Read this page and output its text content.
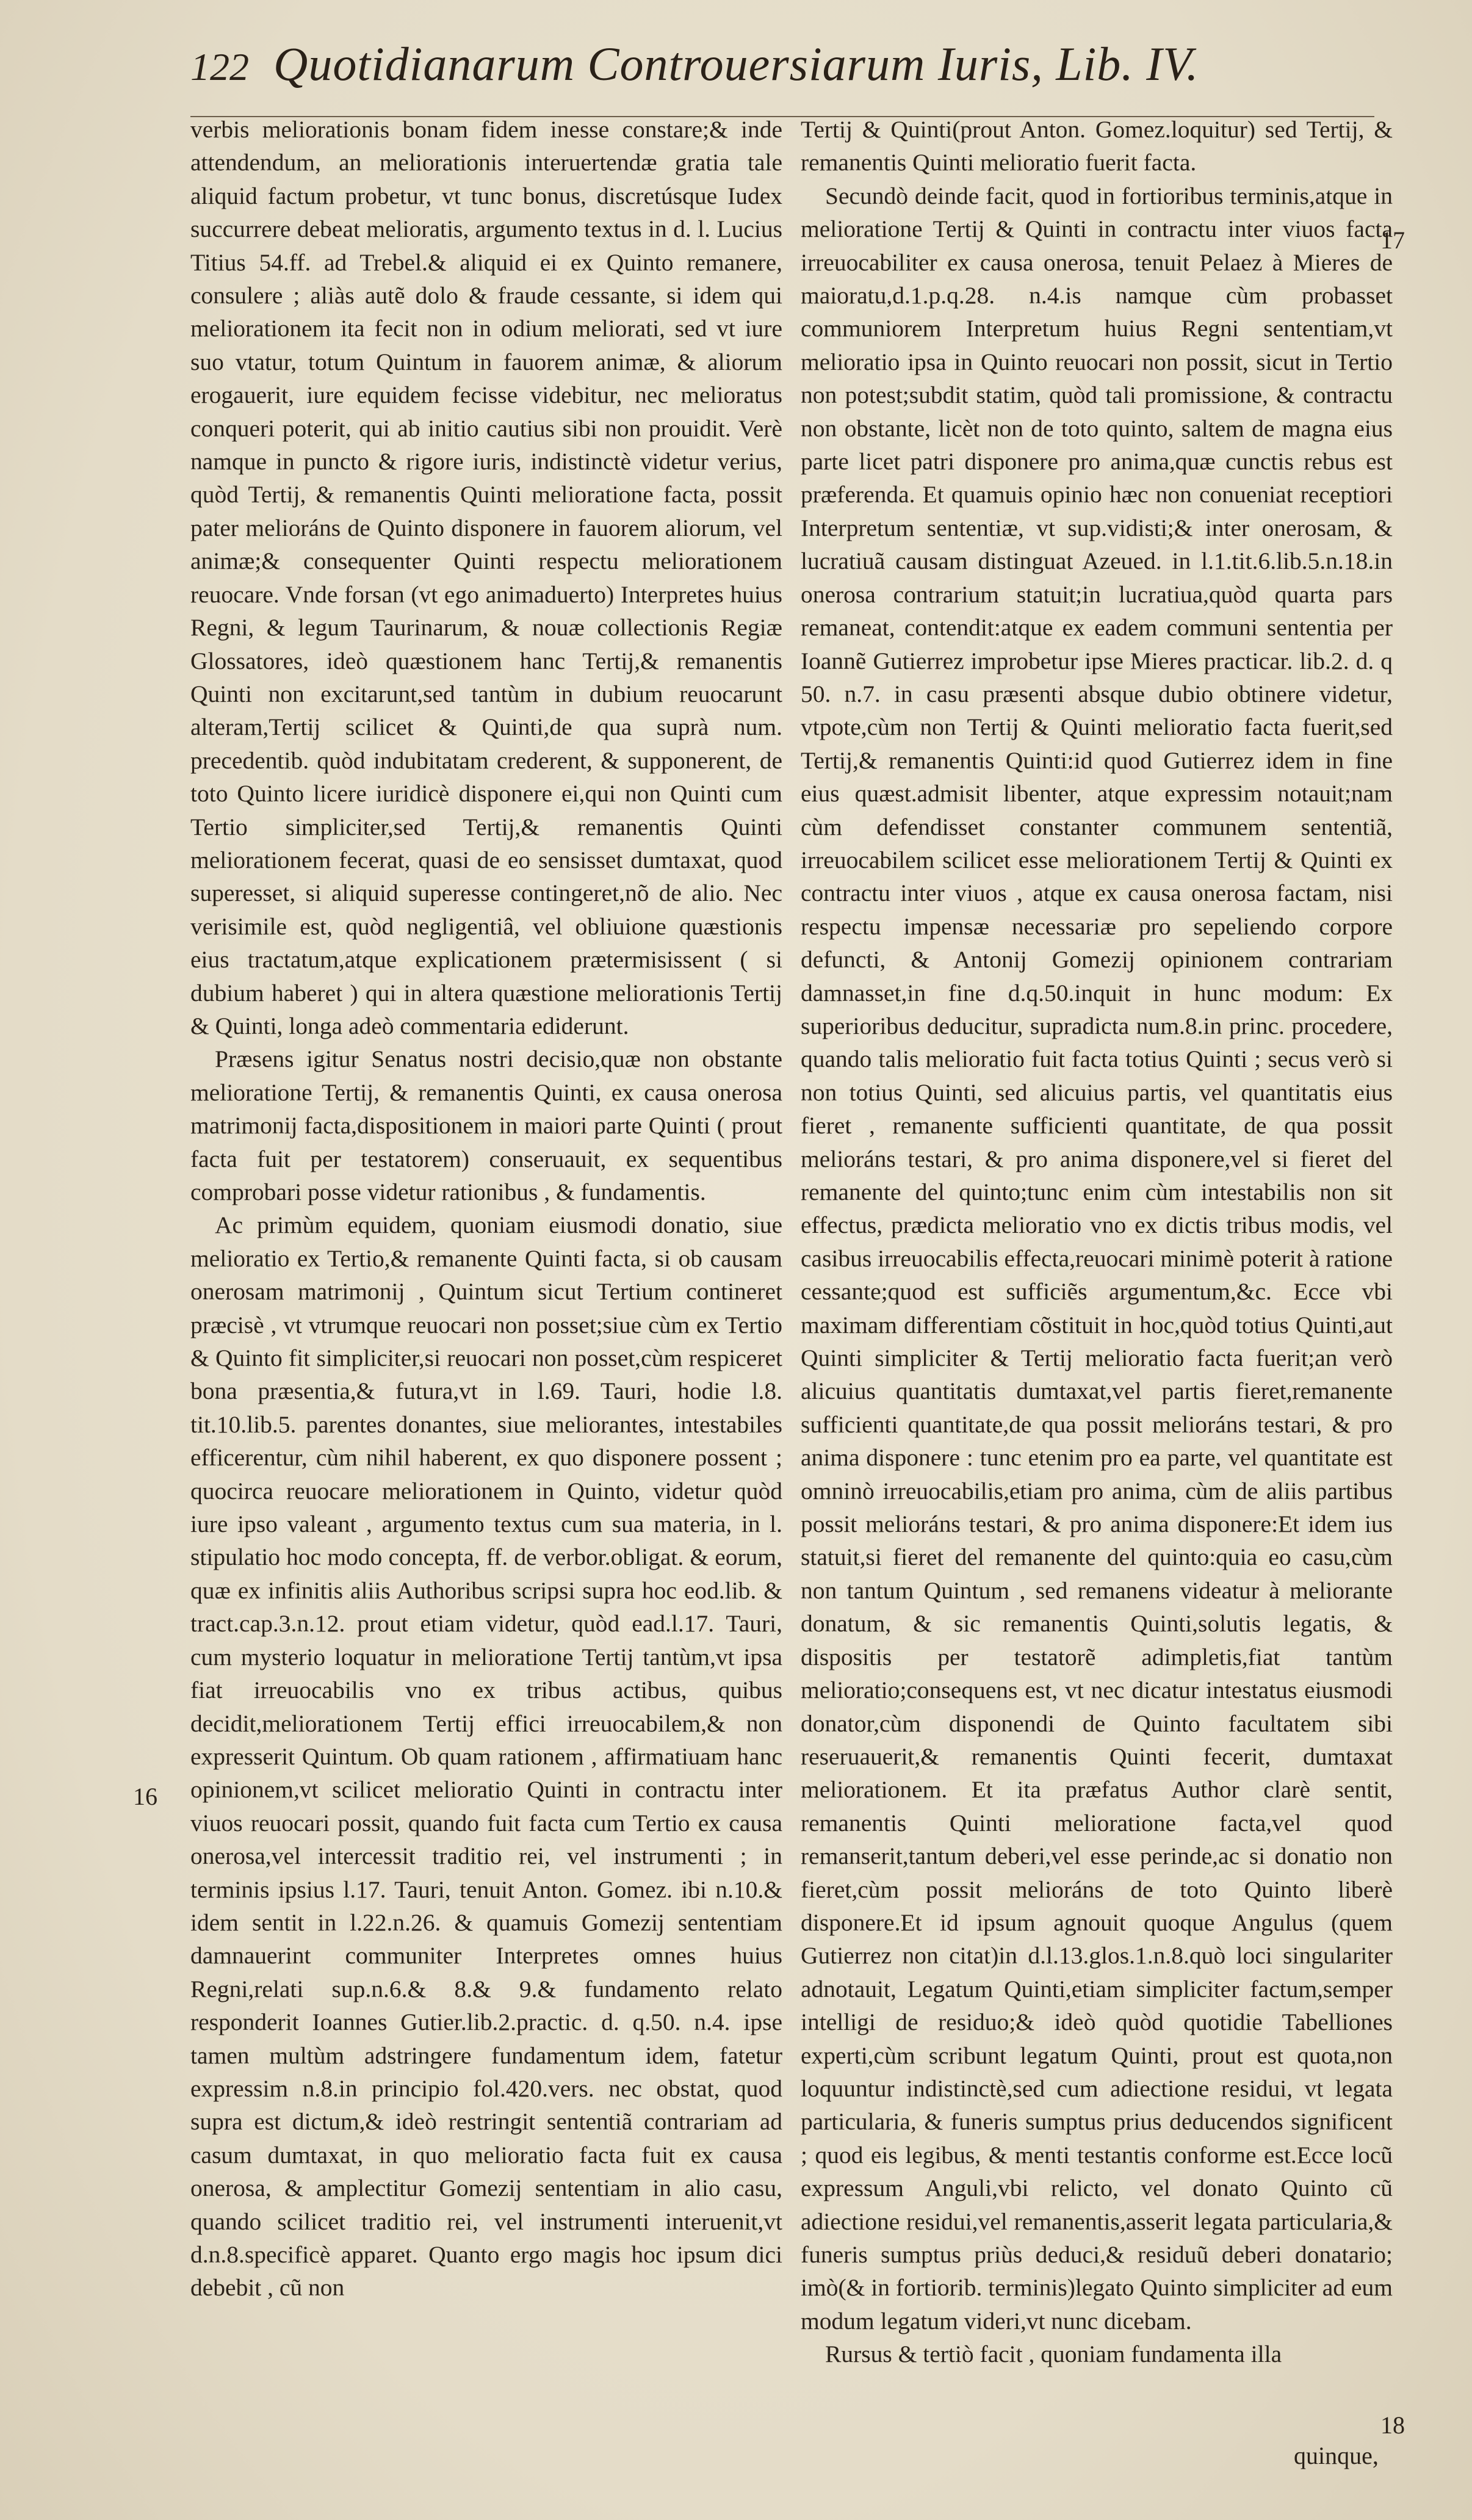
122 Quotidianarum Controuersiarum Iuris, Lib. IV.

verbis meliorationis bonam fidem inesse constare;& inde attendendum, an meliorationis interuertendæ gratia tale aliquid factum probetur, vt tunc bonus, discretúsque Iudex succurrere debeat melioratis, argumento textus in d. l. Lucius Titius 54.ff. ad Trebel.& aliquid ei ex Quinto remanere, consulere ; aliàs autẽ dolo & fraude cessante, si idem qui meliorationem ita fecit non in odium meliorati, sed vt iure suo vtatur, totum Quintum in fauorem animæ, & aliorum erogauerit, iure equidem fecisse videbitur, nec melioratus conqueri poterit, qui ab initio cautius sibi non prouidit. Verè namque in puncto & rigore iuris, indistinctè videtur verius, quòd Tertij, & remanentis Quinti melioratione facta, possit pater melioráns de Quinto disponere in fauorem aliorum, vel animæ;& consequenter Quinti respectu meliorationem reuocare. Vnde forsan (vt ego animaduerto) Interpretes huius Regni, & legum Taurinarum, & nouæ collectionis Regiæ Glossatores, ideò quæstionem hanc Tertij,& remanentis Quinti non excitarunt,sed tantùm in dubium reuocarunt alteram,Tertij scilicet & Quinti,de qua suprà num. precedentib. quòd indubitatam crederent, & supponerent, de toto Quinto licere iuridicè disponere ei,qui non Quinti cum Tertio simpliciter,sed Tertij,& remanentis Quinti meliorationem fecerat, quasi de eo sensisset dumtaxat, quod superesset, si aliquid superesse contingeret,nõ de alio. Nec verisimile est, quòd negligentiâ, vel obliuione quæstionis eius tractatum,atque explicationem prætermisissent ( si dubium haberet ) qui in altera quæstione meliorationis Tertij & Quinti, longa adeò commentaria ediderunt.

Præsens igitur Senatus nostri decisio,quæ non obstante melioratione Tertij, & remanentis Quinti, ex causa onerosa matrimonij facta,dispositionem in maiori parte Quinti ( prout facta fuit per testatorem) conseruauit, ex sequentibus comprobari posse videtur rationibus , & fundamentis.

Ac primùm equidem, quoniam eiusmodi donatio, siue melioratio ex Tertio,& remanente Quinti facta, si ob causam onerosam matrimonij , Quintum sicut Tertium contineret præcisè , vt vtrumque reuocari non posset;siue cùm ex Tertio & Quinto fit simpliciter,si reuocari non posset,cùm respiceret bona præsentia,& futura,vt in l.69. Tauri, hodie l.8. tit.10.lib.5. parentes donantes, siue meliorantes, intestabiles efficerentur, cùm nihil haberent, ex quo disponere possent ; quocirca reuocare meliorationem in Quinto, videtur quòd iure ipso valeant , argumento textus cum sua materia, in l. stipulatio hoc modo concepta, ff. de verbor.obligat. & eorum, quæ ex infinitis aliis Authoribus scripsi supra hoc eod.lib. & tract.cap.3.n.12. prout etiam videtur, quòd ead.l.17. Tauri, cum mysterio loquatur in melioratione Tertij tantùm,vt ipsa fiat irreuocabilis vno ex tribus actibus, quibus decidit,meliorationem Tertij effici irreuocabilem,& non expresserit Quintum. Ob quam rationem , affirmatiuam hanc opinionem,vt scilicet melioratio Quinti in contractu inter viuos reuocari possit, quando fuit facta cum Tertio ex causa onerosa,vel intercessit traditio rei, vel instrumenti ; in terminis ipsius l.17. Tauri, tenuit Anton. Gomez. ibi n.10.& idem sentit in l.22.n.26. & quamuis Gomezij sententiam damnauerint communiter Interpretes omnes huius Regni,relati sup.n.6.& 8.& 9.& fundamento relato responderit Ioannes Gutier.lib.2.practic. d. q.50. n.4. ipse tamen multùm adstringere fundamentum idem, fatetur expressim n.8.in principio fol.420.vers. nec obstat, quod supra est dictum,& ideò restringit sententiã contrariam ad casum dumtaxat, in quo melioratio facta fuit ex causa onerosa, & amplectitur Gomezij sententiam in alio casu, quando scilicet traditio rei, vel instrumenti interuenit,vt d.n.8.specificè apparet. Quanto ergo magis hoc ipsum dici debebit , cũ non

Tertij & Quinti(prout Anton. Gomez.loquitur) sed Tertij, & remanentis Quinti melioratio fuerit facta.

Secundò deinde facit, quod in fortioribus terminis,atque in melioratione Tertij & Quinti in contractu inter viuos facta irreuocabiliter ex causa onerosa, tenuit Pelaez à Mieres de maioratu,d.1.p.q.28. n.4.is namque cùm probasset communiorem Interpretum huius Regni sententiam,vt melioratio ipsa in Quinto reuocari non possit, sicut in Tertio non potest;subdit statim, quòd tali promissione, & contractu non obstante, licèt non de toto quinto, saltem de magna eius parte licet patri disponere pro anima,quæ cunctis rebus est præferenda. Et quamuis opinio hæc non conueniat receptiori Interpretum sententiæ, vt sup.vidisti;& inter onerosam, & lucratiuã causam distinguat Azeued. in l.1.tit.6.lib.5.n.18.in onerosa contrarium statuit;in lucratiua,quòd quarta pars remaneat, contendit:atque ex eadem communi sententia per Ioannẽ Gutierrez improbetur ipse Mieres practicar. lib.2. d. q 50. n.7. in casu præsenti absque dubio obtinere videtur, vtpote,cùm non Tertij & Quinti melioratio facta fuerit,sed Tertij,& remanentis Quinti:id quod Gutierrez idem in fine eius quæst.admisit libenter, atque expressim notauit;nam cùm defendisset constanter communem sententiã, irreuocabilem scilicet esse meliorationem Tertij & Quinti ex contractu inter viuos , atque ex causa onerosa factam, nisi respectu impensæ necessariæ pro sepeliendo corpore defuncti, & Antonij Gomezij opinionem contrariam damnasset,in fine d.q.50.inquit in hunc modum: Ex superioribus deducitur, supradicta num.8.in princ. procedere, quando talis melioratio fuit facta totius Quinti ; secus verò si non totius Quinti, sed alicuius partis, vel quantitatis eius fieret , remanente sufficienti quantitate, de qua possit melioráns testari, & pro anima disponere,vel si fieret del remanente del quinto;tunc enim cùm intestabilis non sit effectus, prædicta melioratio vno ex dictis tribus modis, vel casibus irreuocabilis effecta,reuocari minimè poterit à ratione cessante;quod est sufficiẽs argumentum,&c. Ecce vbi maximam differentiam cõstituit in hoc,quòd totius Quinti,aut Quinti simpliciter & Tertij melioratio facta fuerit;an verò alicuius quantitatis dumtaxat,vel partis fieret,remanente sufficienti quantitate,de qua possit melioráns testari, & pro anima disponere : tunc etenim pro ea parte, vel quantitate est omninò irreuocabilis,etiam pro anima, cùm de aliis partibus possit melioráns testari, & pro anima disponere:Et idem ius statuit,si fieret del remanente del quinto:quia eo casu,cùm non tantum Quintum , sed remanens videatur à meliorante donatum, & sic remanentis Quinti,solutis legatis, & dispositis per testatorẽ adimpletis,fiat tantùm melioratio;consequens est, vt nec dicatur intestatus eiusmodi donator,cùm disponendi de Quinto facultatem sibi reseruauerit,& remanentis Quinti fecerit, dumtaxat meliorationem. Et ita præfatus Author clarè sentit, remanentis Quinti melioratione facta,vel quod remanserit,tantum deberi,vel esse perinde,ac si donatio non fieret,cùm possit melioráns de toto Quinto liberè disponere.Et id ipsum agnouit quoque Angulus (quem Gutierrez non citat)in d.l.13.glos.1.n.8.quò loci singulariter adnotauit, Legatum Quinti,etiam simpliciter factum,semper intelligi de residuo;& ideò quòd quotidie Tabelliones experti,cùm scribunt legatum Quinti, prout est quota,non loquuntur indistinctè,sed cum adiectione residui, vt legata particularia, & funeris sumptus prius deducendos significent ; quod eis legibus, & menti testantis conforme est.Ecce locũ expressum Anguli,vbi relicto, vel donato Quinto cũ adiectione residui,vel remanentis,asserit legata particularia,& funeris sumptus priùs deduci,& residuũ deberi donatario; imò(& in fortiorib. terminis)legato Quinto simpliciter ad eum modum legatum videri,vt nunc dicebam.

Rursus & tertiò facit , quoniam fundamenta illa

17
16
18
quinque,
